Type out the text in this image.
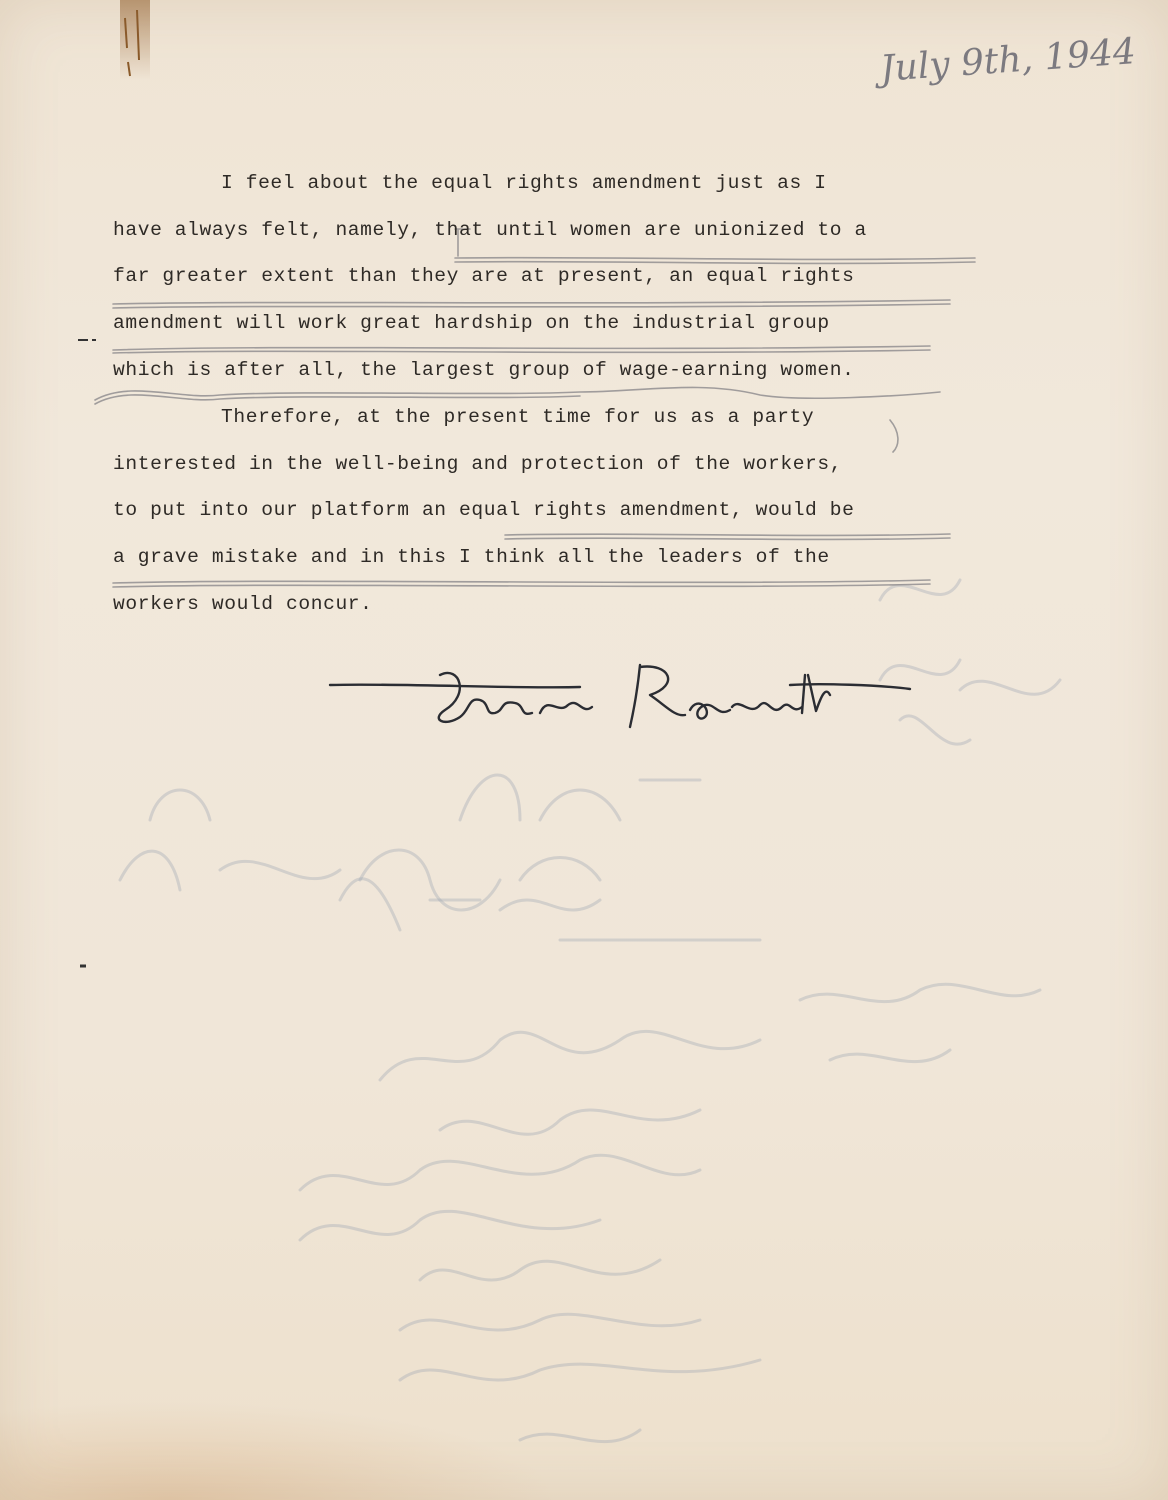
July 9th, 1944

I feel about the equal rights amendment just as I

have always felt, namely, that until women are unionized to a

far greater extent than they are at present, an equal rights

amendment will work great hardship on the industrial group

which is after all, the largest group of wage-earning women.

Therefore, at the present time for us as a party

interested in the well-being and protection of the workers,

to put into our platform an equal rights amendment, would be

a grave mistake and in this I think all the leaders of the

workers would concur.
